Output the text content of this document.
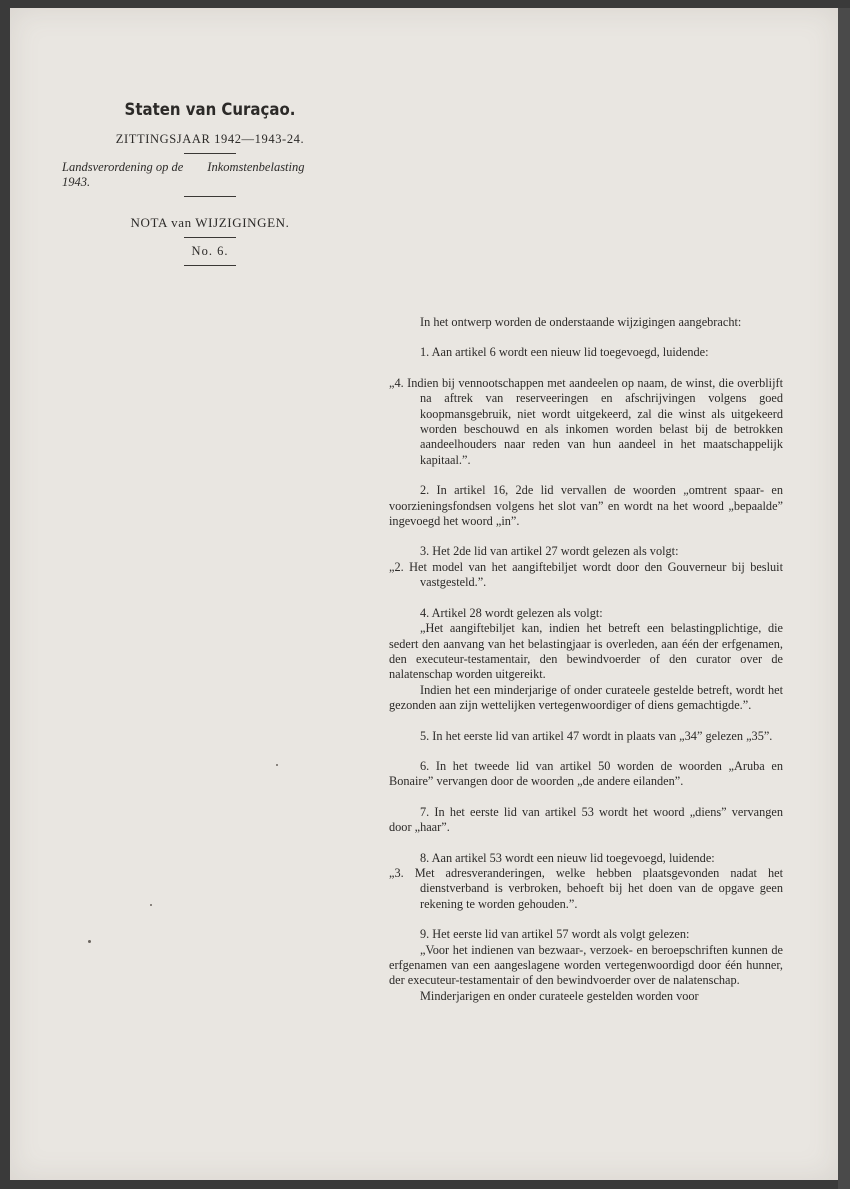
Staten van Curaçao.
ZITTINGSJAAR 1942—1943-24.
Landsverordening op de Inkomstenbelasting
1943.
NOTA van WIJZIGINGEN.
No. 6.

In het ontwerp worden de onderstaande wijzigingen aangebracht:

1. Aan artikel 6 wordt een nieuw lid toegevoegd, luidende:

„4. Indien bij vennootschappen met aandeelen op naam, de winst, die overblijft na aftrek van reserveeringen en afschrijvingen volgens goed koopmansgebruik, niet wordt uitgekeerd, zal die winst als uitgekeerd worden beschouwd en als inkomen worden belast bij de betrokken aandeelhouders naar reden van hun aandeel in het maatschappelijk kapitaal.”.

2. In artikel 16, 2de lid vervallen de woorden „omtrent spaar- en voorzieningsfondsen volgens het slot van” en wordt na het woord „bepaalde” ingevoegd het woord „in”.

3. Het 2de lid van artikel 27 wordt gelezen als volgt:

„2. Het model van het aangiftebiljet wordt door den Gouverneur bij besluit vastgesteld.”.

4. Artikel 28 wordt gelezen als volgt:

„Het aangiftebiljet kan, indien het betreft een belastingplichtige, die sedert den aanvang van het belastingjaar is overleden, aan één der erfgenamen, den executeur-testamentair, den bewindvoerder of den curator over de nalatenschap worden uitgereikt.

Indien het een minderjarige of onder curateele gestelde betreft, wordt het gezonden aan zijn wettelijken vertegenwoordiger of diens gemachtigde.”.

5. In het eerste lid van artikel 47 wordt in plaats van „34” gelezen „35”.

6. In het tweede lid van artikel 50 worden de woorden „Aruba en Bonaire” vervangen door de woorden „de andere eilanden”.

7. In het eerste lid van artikel 53 wordt het woord „diens” vervangen door „haar”.

8. Aan artikel 53 wordt een nieuw lid toegevoegd, luidende:

„3. Met adresveranderingen, welke hebben plaatsgevonden nadat het dienstverband is verbroken, behoeft bij het doen van de opgave geen rekening te worden gehouden.”.

9. Het eerste lid van artikel 57 wordt als volgt gelezen:

„Voor het indienen van bezwaar-, verzoek- en beroepschriften kunnen de erfgenamen van een aangeslagene worden vertegenwoordigd door één hunner, der executeur-testamentair of den bewindvoerder over de nalatenschap.

Minderjarigen en onder curateele gestelden worden voor
